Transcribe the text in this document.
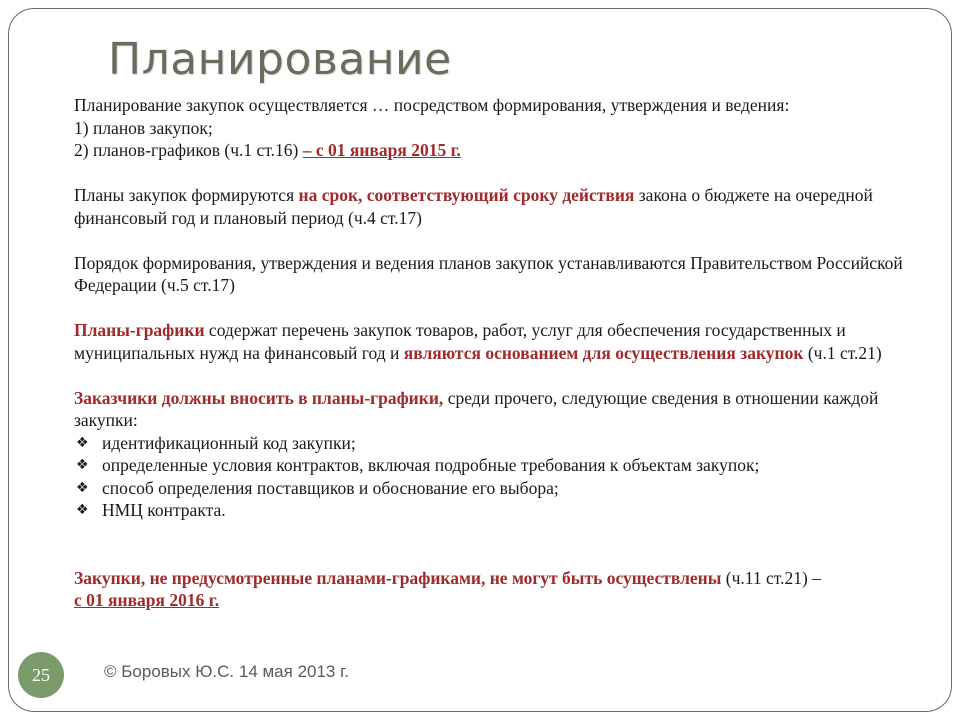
Планирование

Планирование закупок осуществляется … посредством формирования, утверждения и ведения:
1) планов закупок;
2) планов-графиков (ч.1 ст.16) – с 01 января 2015 г.

Планы закупок формируются на срок, соответствующий сроку действия закона о бюджете на очередной финансовый год и плановый период (ч.4 ст.17)

Порядок формирования, утверждения и ведения планов закупок устанавливаются Правительством Российской Федерации (ч.5 ст.17)

Планы-графики содержат перечень закупок товаров, работ, услуг для обеспечения государственных и муниципальных нужд на финансовый год и являются основанием для осуществления закупок (ч.1 ст.21)

Заказчики должны вносить в планы-графики, среди прочего, следующие сведения в отношении каждой закупки:

❖ идентификационный код закупки;
❖ определенные условия контрактов, включая подробные требования к объектам закупок;
❖ способ определения поставщиков и обоснование его выбора;
❖ НМЦ контракта.

Закупки, не предусмотренные планами-графиками, не могут быть осуществлены (ч.11 ст.21) –
с 01 января 2016 г.

25	© Боровых Ю.С. 14 мая 2013 г.
